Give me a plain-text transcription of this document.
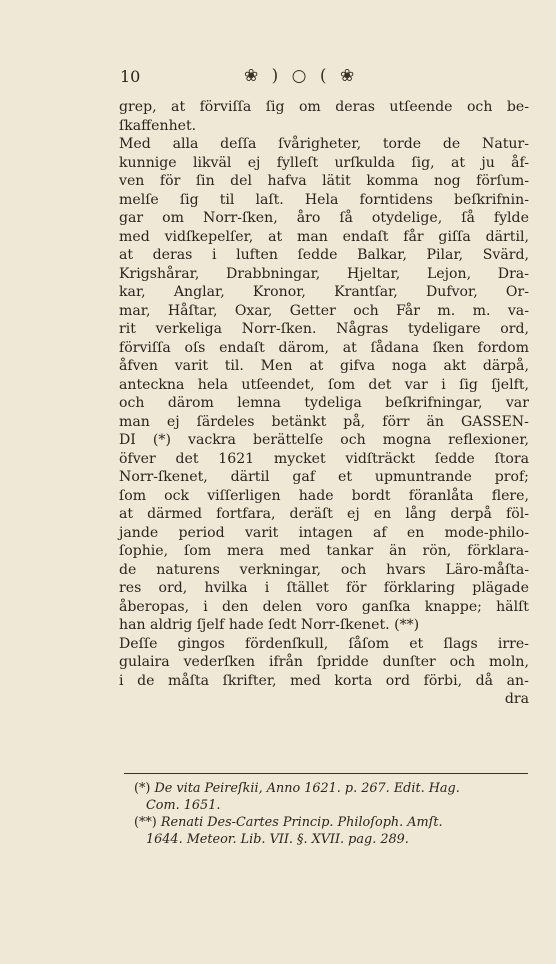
10	❀ ) ○ ( ❀
grep, at förviſſa ſig om deras utſeende och be-
ſkaffenhet.
Med alla deſſa ſvårigheter, torde de Natur-
kunnige likväl ej fylleſt urſkulda ſig, at ju åf-
ven för ſin del hafva lätit komma nog förſum-
melſe ſig til laſt. Hela forntidens beſkrifnin-
gar om Norr-ſken, åro ſå otydelige, ſå fylde
med vidſkepelſer, at man endaſt får giſſa därtil,
at deras i luften ſedde Balkar, Pilar, Svärd,
Krigshårar, Drabbningar, Hjeltar, Lejon, Dra-
kar, Anglar, Kronor, Krantſar, Dufvor, Or-
mar, Håſtar, Oxar, Getter och Får m. m. va-
rit verkeliga Norr-ſken. Någras tydeligare ord,
förviſſa oſs endaſt därom, at ſådana ſken fordom
åfven varit til. Men at gifva noga akt därpå,
anteckna hela utſeendet, ſom det var i ſig ſjelft,
och därom lemna tydeliga beſkrifningar, var
man ej ſärdeles betänkt på, förr än GASSEN-
DI (*) vackra berättelſe och mogna reflexioner,
öfver det 1621 mycket vidſträckt ſedde ſtora
Norr-ſkenet, därtil gaf et upmuntrande prof;
ſom ock viſſerligen hade bordt föranlåta flere,
at därmed fortfara, deräſt ej en lång derpå föl-
jande period varit intagen af en mode-philo-
ſophie, ſom mera med tankar än rön, förklara-
de naturens verkningar, och hvars Läro-måſta-
res ord, hvilka i ſtället för förklaring plägade
åberopas, i den delen voro ganſka knappe; hälſt
han aldrig ſjelf hade ſedt Norr-ſkenet. (**)
Deſſe gingos fördenſkull, ſåſom et ſlags irre-
gulaira vederſken ifrån ſpridde dunſter och moln,
i de måſta ſkrifter, med korta ord förbi, då an-
dra
(*) De vita Peireſkii, Anno 1621. p. 267. Edit. Hag.
Com. 1651.
(**) Renati Des-Cartes Princip. Philoſoph. Amſt.
1644. Meteor. Lib. VII. §. XVII. pag. 289.
